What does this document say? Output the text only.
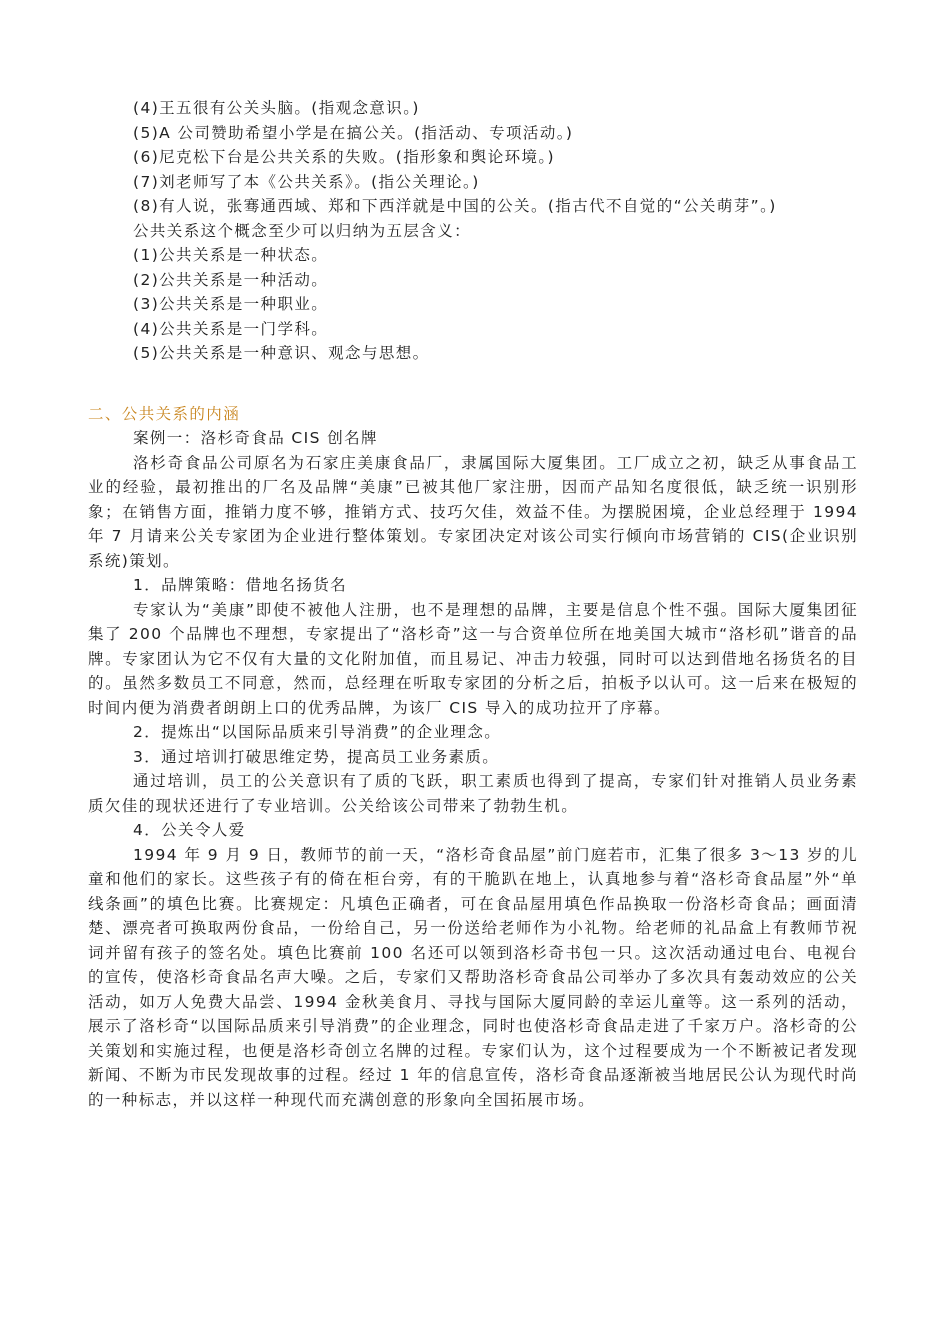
(4)王五很有公关头脑。(指观念意识。)

(5)A 公司赞助希望小学是在搞公关。(指活动、专项活动。)

(6)尼克松下台是公共关系的失败。(指形象和舆论环境。)

(7)刘老师写了本《公共关系》。(指公关理论。)

(8)有人说，张骞通西域、郑和下西洋就是中国的公关。(指古代不自觉的“公关萌芽”。)

公共关系这个概念至少可以归纳为五层含义：

(1)公共关系是一种状态。

(2)公共关系是一种活动。

(3)公共关系是一种职业。

(4)公共关系是一门学科。

(5)公共关系是一种意识、观念与思想。

二、公共关系的内涵

案例一：洛杉奇食品 CIS 创名牌

洛杉奇食品公司原名为石家庄美康食品厂，隶属国际大厦集团。工厂成立之初，缺乏从事食品工业的经验，最初推出的厂名及品牌“美康”已被其他厂家注册，因而产品知名度很低，缺乏统一识别形象；在销售方面，推销力度不够，推销方式、技巧欠佳，效益不佳。为摆脱困境，企业总经理于 1994 年 7 月请来公关专家团为企业进行整体策划。专家团决定对该公司实行倾向市场营销的 CIS(企业识别系统)策划。

1．品牌策略：借地名扬货名

专家认为“美康”即使不被他人注册，也不是理想的品牌，主要是信息个性不强。国际大厦集团征集了 200 个品牌也不理想，专家提出了“洛杉奇”这一与合资单位所在地美国大城市“洛杉矶”谐音的品牌。专家团认为它不仅有大量的文化附加值，而且易记、冲击力较强，同时可以达到借地名扬货名的目的。虽然多数员工不同意，然而，总经理在听取专家团的分析之后，拍板予以认可。这一后来在极短的时间内便为消费者朗朗上口的优秀品牌，为该厂 CIS 导入的成功拉开了序幕。

2．提炼出“以国际品质来引导消费”的企业理念。

3．通过培训打破思维定势，提高员工业务素质。

通过培训，员工的公关意识有了质的飞跃，职工素质也得到了提高，专家们针对推销人员业务素质欠佳的现状还进行了专业培训。公关给该公司带来了勃勃生机。

4．公关令人爱

1994 年 9 月 9 日，教师节的前一天，“洛杉奇食品屋”前门庭若市，汇集了很多 3～13 岁的儿童和他们的家长。这些孩子有的倚在柜台旁，有的干脆趴在地上，认真地参与着“洛杉奇食品屋”外“单线条画”的填色比赛。比赛规定：凡填色正确者，可在食品屋用填色作品换取一份洛杉奇食品；画面清楚、漂亮者可换取两份食品，一份给自己，另一份送给老师作为小礼物。给老师的礼品盒上有教师节祝词并留有孩子的签名处。填色比赛前 100 名还可以领到洛杉奇书包一只。这次活动通过电台、电视台的宣传，使洛杉奇食品名声大噪。之后，专家们又帮助洛杉奇食品公司举办了多次具有轰动效应的公关活动，如万人免费大品尝、1994 金秋美食月、寻找与国际大厦同龄的幸运儿童等。这一系列的活动，展示了洛杉奇“以国际品质来引导消费”的企业理念，同时也使洛杉奇食品走进了千家万户。洛杉奇的公关策划和实施过程，也便是洛杉奇创立名牌的过程。专家们认为，这个过程要成为一个不断被记者发现新闻、不断为市民发现故事的过程。经过 1 年的信息宣传，洛杉奇食品逐渐被当地居民公认为现代时尚的一种标志，并以这样一种现代而充满创意的形象向全国拓展市场。
